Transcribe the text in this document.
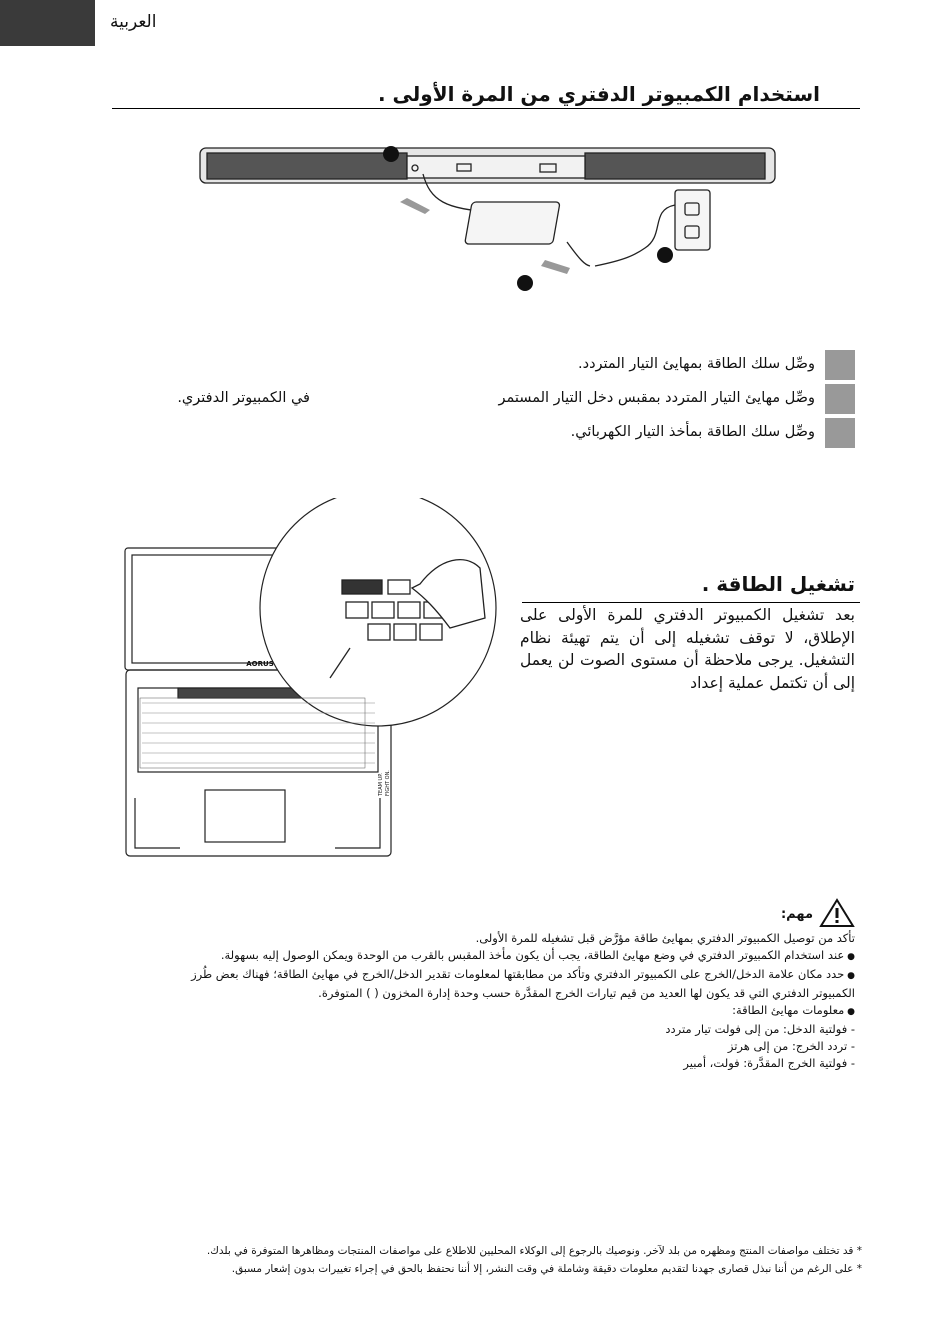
العربية
استخدام الكمبيوتر الدفتري من المرة الأولى .
وصِّل سلك الطاقة بمهايئ التيار المتردد.
وصِّل مهايئ التيار المتردد بمقبس دخل التيار المستمر
في الكمبيوتر الدفتري.
وصِّل سلك الطاقة بمأخذ التيار الكهربائي.
AORUS
TEAM UP. FIGHT ON.
تشغيل الطاقة .
بعد تشغيل الكمبيوتر الدفتري للمرة الأولى على الإطلاق، لا توقف تشغيله إلى أن يتم تهيئة نظام التشغيل. يرجى ملاحظة أن مستوى الصوت لن يعمل إلى أن تكتمل عملية إعداد
مهم:

تأكد من توصيل الكمبيوتر الدفتري بمهايئ طاقة مؤرَّض قبل تشغيله للمرة الأولى.

● عند استخدام الكمبيوتر الدفتري في وضع مهايئ الطاقة، يجب أن يكون مأخذ المقبس بالقرب من الوحدة ويمكن الوصول إليه بسهولة.

● حدد مكان علامة الدخل/الخرج على الكمبيوتر الدفتري وتأكد من مطابقتها لمعلومات تقدير الدخل/الخرج في مهايئ الطاقة؛ فهناك بعض طُرز

الكمبيوتر الدفتري التي قد يكون لها العديد من قيم تيارات الخرج المقدَّرة حسب وحدة إدارة المخزون ( ) المتوفرة.

● معلومات مهايئ الطاقة:

- فولتية الدخل: من إلى فولت تيار متردد

- تردد الخرج: من إلى هرتز

- فولتية الخرج المقدَّرة: فولت، أمبير

* قد تختلف مواصفات المنتج ومظهره من بلد لآخر. ونوصيك بالرجوع إلى الوكلاء المحليين للاطلاع على مواصفات المنتجات ومظاهرها المتوفرة في بلدك.

* على الرغم من أننا نبذل قصارى جهدنا لتقديم معلومات دقيقة وشاملة في وقت النشر، إلا أننا نحتفظ بالحق في إجراء تغييرات بدون إشعار مسبق.
